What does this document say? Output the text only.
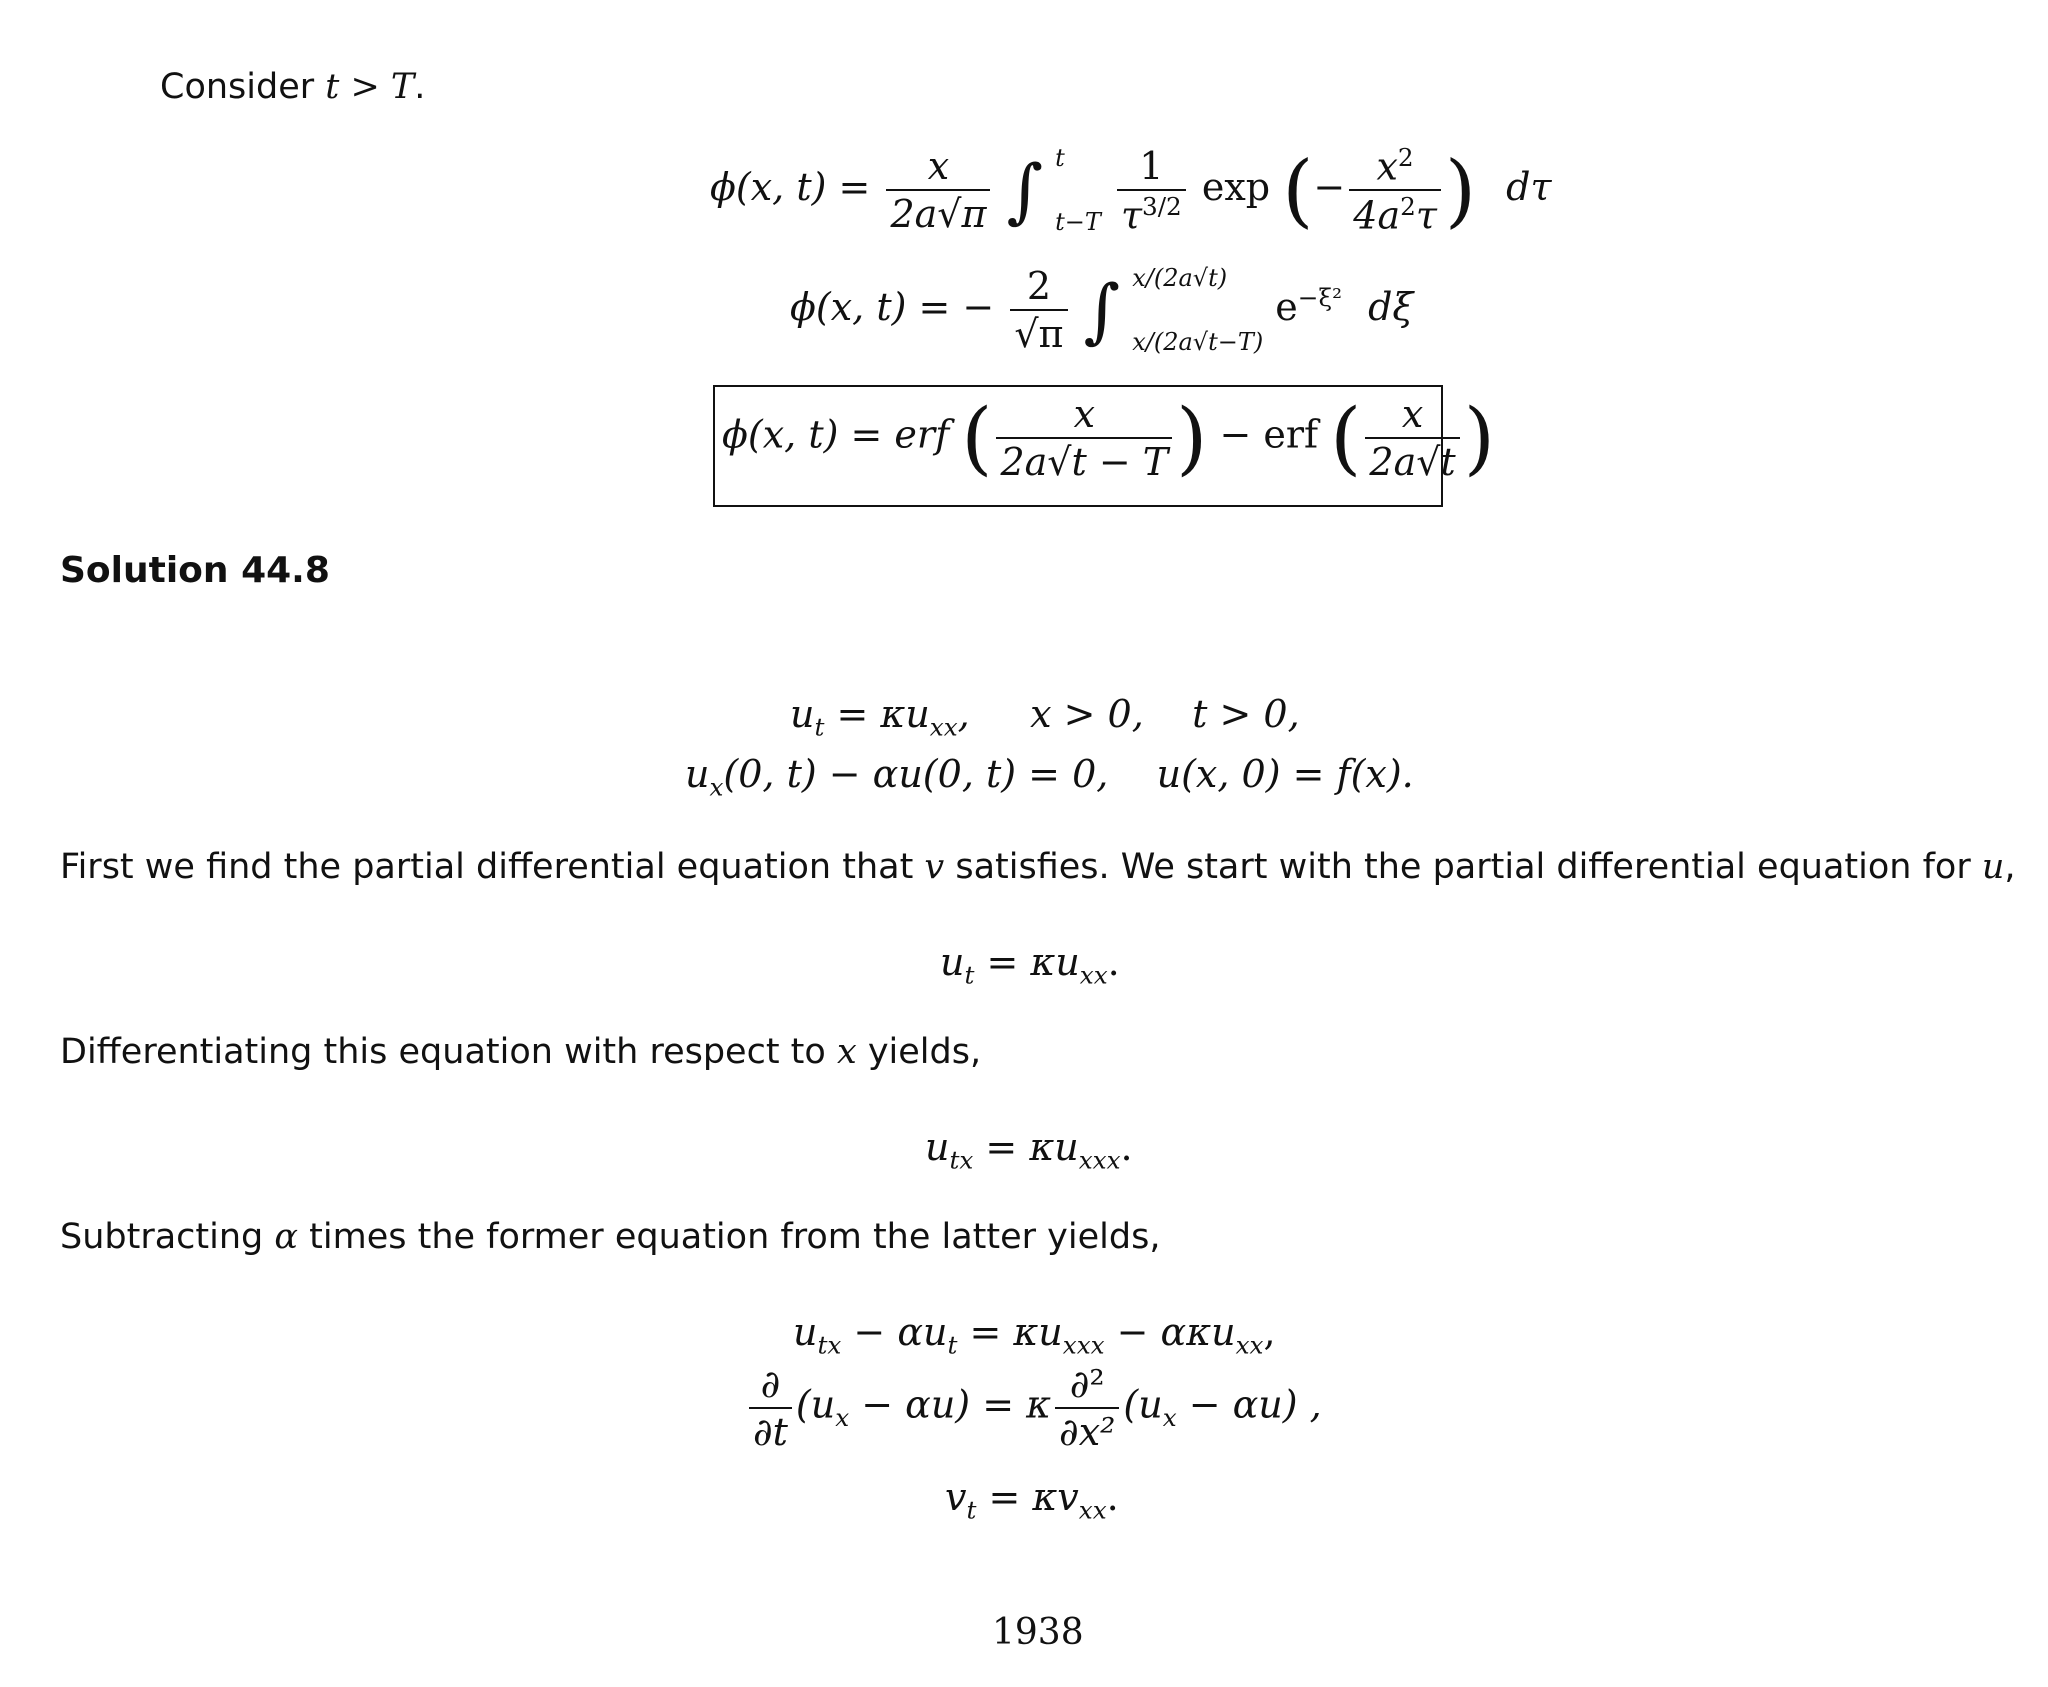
Consider t > T.
ϕ(x, $t) = \frac{x}{2a√\pi}$ ∫ t
t−T
$\frac{1}{\tau^{3/2}}$ exp (− $\frac{x^2}{4a^2\tau}$ ) dτ
ϕ(x, t) = − $\frac{2}{√\pi}$ ∫ x/(2a√t)
x/(2a√t−T)
$e^{-\xi^2}$ dξ
ϕ(x, t) = erf ( $\frac{x}{2a√t - T}$ ) − erf ( $\frac{x}{2a√t}$ )
Solution 44.8
$u_t = \kappa u_{xx}$,     x > 0,    t > 0,
$u_x(0$, t) − αu(0, t) = 0,    u(x, 0) = f(x).
First we find the partial differential equation that v satisfies. We start with the partial differential equation for u,
$u_t = \kappa u_{xx}$.
Differentiating this equation with respect to x yields,
$u_{tx} = \kappa u_{xxx}$.
Subtracting α times the former equation from the latter yields,
$u_{tx} - \alpha u_t = \kappa u_{xxx} - \alpha\kappa u_{xx}$,
$\frac{\partial}{\partial t} (u_x - \alpha u) = \kappa \frac{\text{∂²}}{\text{∂x²}} (u_x - \alpha u)$ ,
$v_t = \kappa v_{xx}$.
1938
